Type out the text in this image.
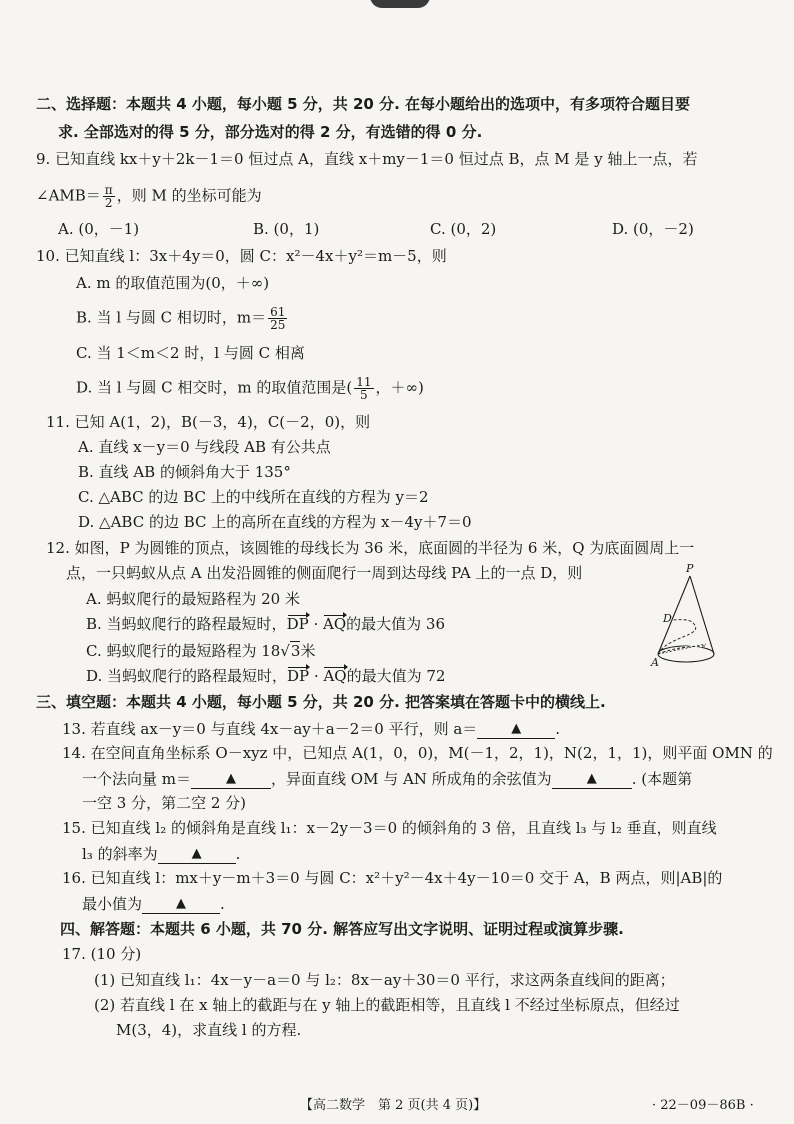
二、选择题：本题共 4 小题，每小题 5 分，共 20 分. 在每小题给出的选项中，有多项符合题目要
求. 全部选对的得 5 分，部分选对的得 2 分，有选错的得 0 分.
9. 已知直线 kx＋y＋2k－1＝0 恒过点 A，直线 x＋my－1＝0 恒过点 B，点 M 是 y 轴上一点，若
∠AMB＝ $\frac{\pi}{2}$ ，则 M 的坐标可能为
A. (0，－1)	B. (0，1)	C. (0，2)	D. (0，－2)
10. 已知直线 l：3x＋4y＝0，圆 C：x²－4x＋y²＝m－5，则
A. m 的取值范围为(0，＋∞)
B. 当 l 与圆 C 相切时，$m= \frac{61}{25}$
C. 当 1＜m＜2 时，l 与圆 C 相离
D. 当 l 与圆 C 相交时，m 的取值范围是( $\frac{11}{5}$ ，＋∞)
11. 已知 A(1，2)，B(－3，4)，C(－2，0)，则
A. 直线 x－y＝0 与线段 AB 有公共点
B. 直线 AB 的倾斜角大于 135°
C. △ABC 的边 BC 上的中线所在直线的方程为 y＝2
D. △ABC 的边 BC 上的高所在直线的方程为 x－4y＋7＝0
12. 如图，P 为圆锥的顶点，该圆锥的母线长为 36 米，底面圆的半径为 6 米，Q 为底面圆周上一
点，一只蚂蚁从点 A 出发沿圆锥的侧面爬行一周到达母线 PA 上的一点 D，则
A. 蚂蚁爬行的最短路程为 20 米
B. 当蚂蚁爬行的路程最短时，DP · AQ的最大值为 36
C. 蚂蚁爬行的最短路程为 18√3米
D. 当蚂蚁爬行的路程最短时，DP · AQ的最大值为 72
P
D
A
三、填空题：本题共 4 小题，每小题 5 分，共 20 分. 把答案填在答题卡中的横线上.
13. 若直线 ax－y＝0 与直线 4x－ay＋a－2＝0 平行，则 a＝	▲ .
14. 在空间直角坐标系 O－xyz 中，已知点 A(1，0，0)，M(－1，2，1)，N(2，1，1)，则平面 OMN 的
一个法向量 m＝	▲ ，异面直线 OM 与 AN 所成角的余弦值为	▲ . (本题第
一空 3 分，第二空 2 分)
15. 已知直线 l₂ 的倾斜角是直线 l₁：x－2y－3＝0 的倾斜角的 3 倍，且直线 l₃ 与 l₂ 垂直，则直线
l₃ 的斜率为	▲ .
16. 已知直线 l：mx＋y－m＋3＝0 与圆 C：x²＋y²－4x＋4y－10＝0 交于 A，B 两点，则|AB|的
最小值为	▲ .
四、解答题：本题共 6 小题，共 70 分. 解答应写出文字说明、证明过程或演算步骤.
17. (10 分)
(1) 已知直线 l₁：4x－y－a＝0 与 l₂：8x－ay＋30＝0 平行，求这两条直线间的距离；
(2) 若直线 l 在 x 轴上的截距与在 y 轴上的截距相等，且直线 l 不经过坐标原点，但经过
M(3，4)，求直线 l 的方程.
【高二数学　第 2 页(共 4 页)】	· 22－09－86B ·
